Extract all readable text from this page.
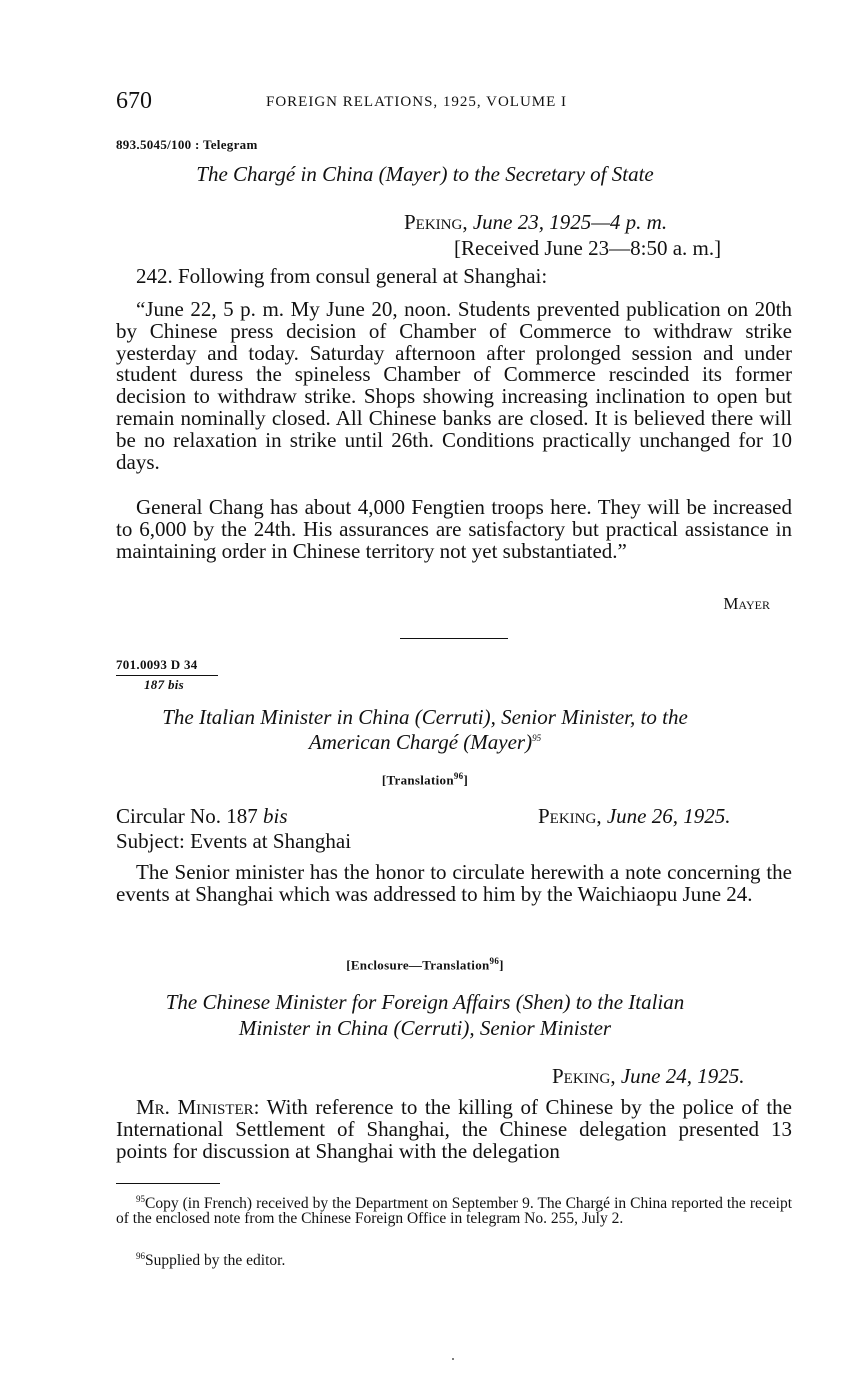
670	FOREIGN RELATIONS, 1925, VOLUME I
893.5045/100 : Telegram
The Chargé in China (Mayer) to the Secretary of State
Peking, June 23, 1925—4 p. m.
[Received June 23—8:50 a. m.]
242. Following from consul general at Shanghai:

“June 22, 5 p. m. My June 20, noon. Students prevented publication on 20th by Chinese press decision of Chamber of Commerce to withdraw strike yesterday and today. Saturday afternoon after prolonged session and under student duress the spineless Chamber of Commerce rescinded its former decision to withdraw strike. Shops showing increasing inclination to open but remain nominally closed. All Chinese banks are closed. It is believed there will be no relaxation in strike until 26th. Conditions practically unchanged for 10 days.

General Chang has about 4,000 Fengtien troops here. They will be increased to 6,000 by the 24th. His assurances are satisfactory but practical assistance in maintaining order in Chinese territory not yet substantiated.”

Mayer
701.0093 D 34
187 bis
The Italian Minister in China (Cerruti), Senior Minister, to the
American Chargé (Mayer)$^{95}$
[Translation$^{96}$]
Circular No. 187 bis	Peking, June 26, 1925.
Subject: Events at Shanghai

The Senior minister has the honor to circulate herewith a note concerning the events at Shanghai which was addressed to him by the Waichiaopu June 24.

[Enclosure—Translation$^{96}$]
The Chinese Minister for Foreign Affairs (Shen) to the Italian
Minister in China (Cerruti), Senior Minister
Peking, June 24, 1925.

Mr. Minister: With reference to the killing of Chinese by the police of the International Settlement of Shanghai, the Chinese delegation presented 13 points for discussion at Shanghai with the delegation

$^{95}$Copy (in French) received by the Department on September 9. The Chargé in China reported the receipt of the enclosed note from the Chinese Foreign Office in telegram No. 255, July 2.

$^{96}$Supplied by the editor.
